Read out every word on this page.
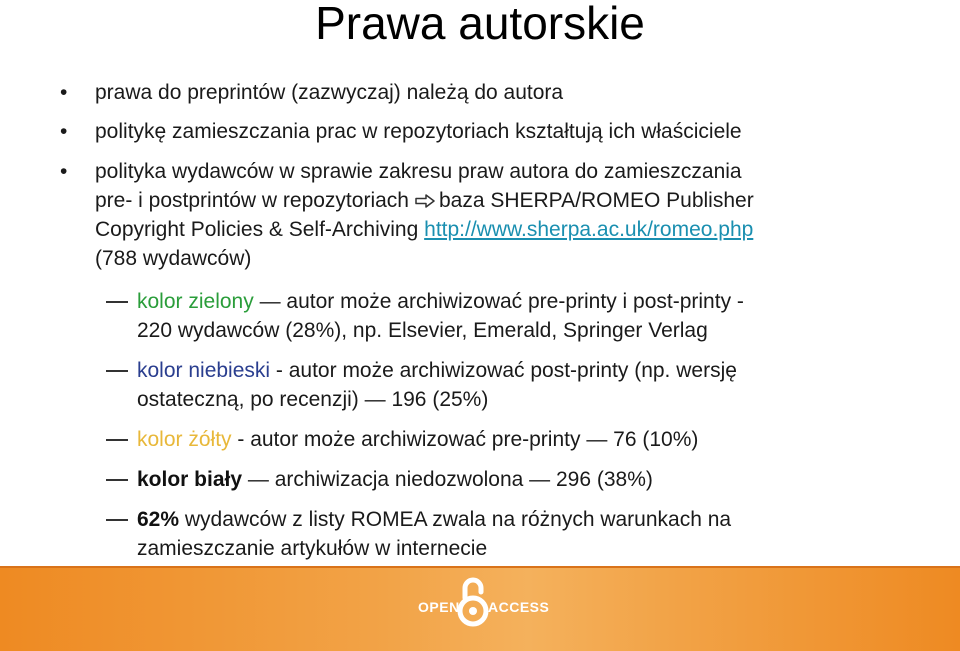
Prawa autorskie
• prawa do preprintów (zazwyczaj) należą do autora
• politykę zamieszczania prac w repozytoriach kształtują ich właściciele
• polityka wydawców w sprawie zakresu praw autora do zamieszczania
pre- i postprintów w repozytoriach baza SHERPA/ROMEO Publisher
Copyright Policies & Self-Archiving http://www.sherpa.ac.uk/romeo.php
(788 wydawców)
kolor zielony — autor może archiwizować pre-printy i post-printy -
220 wydawców (28%), np. Elsevier, Emerald, Springer Verlag
kolor niebieski - autor może archiwizować post-printy (np. wersję
ostateczną, po recenzji) — 196 (25%)
kolor żółty - autor może archiwizować pre-printy — 76 (10%)
kolor biały — archiwizacja niedozwolona — 296 (38%)
62% wydawców z listy ROMEA zwala na różnych warunkach na
zamieszczanie artykułów w internecie
OPEN ACCESS
